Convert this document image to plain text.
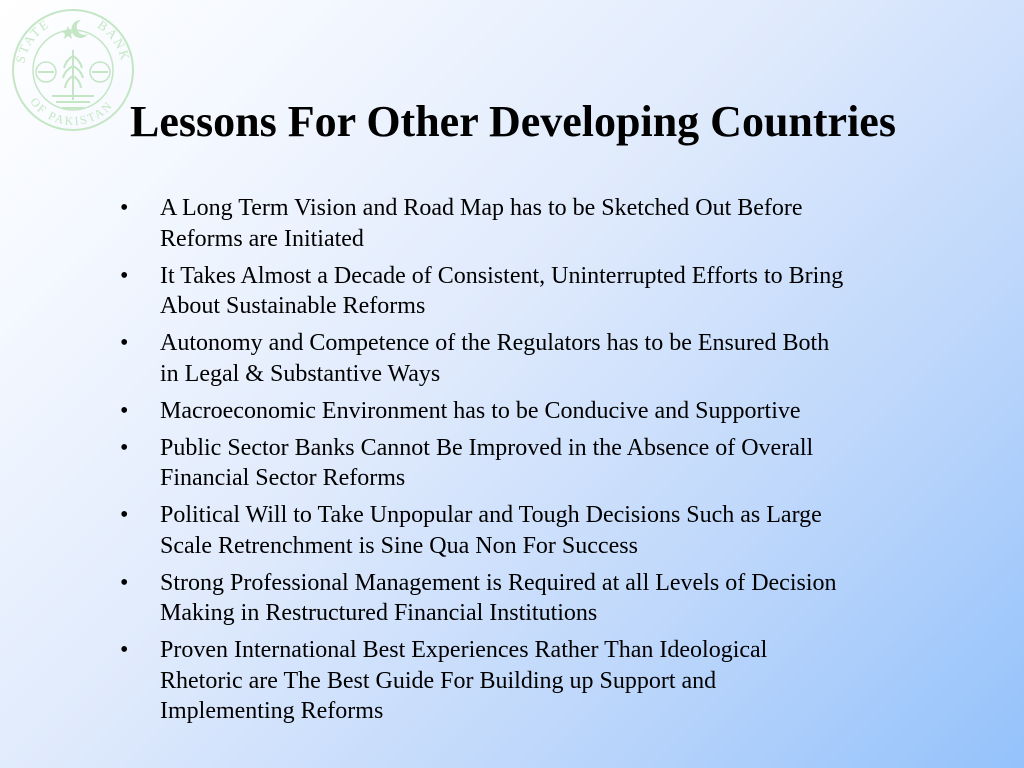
STATE	BANK
OF PAKISTAN Lessons For Other Developing Countries
• A Long Term Vision and Road Map has to be Sketched Out Before
Reforms are Initiated
• It Takes Almost a Decade of Consistent, Uninterrupted Efforts to Bring
About Sustainable Reforms
• Autonomy and Competence of the Regulators has to be Ensured Both
in Legal & Substantive Ways
• Macroeconomic Environment has to be Conducive and Supportive
• Public Sector Banks Cannot Be Improved in the Absence of Overall
Financial Sector Reforms
• Political Will to Take Unpopular and Tough Decisions Such as Large
Scale Retrenchment is Sine Qua Non For Success
• Strong Professional Management is Required at all Levels of Decision
Making in Restructured Financial Institutions
• Proven International Best Experiences Rather Than Ideological
Rhetoric are The Best Guide For Building up Support and
Implementing Reforms
